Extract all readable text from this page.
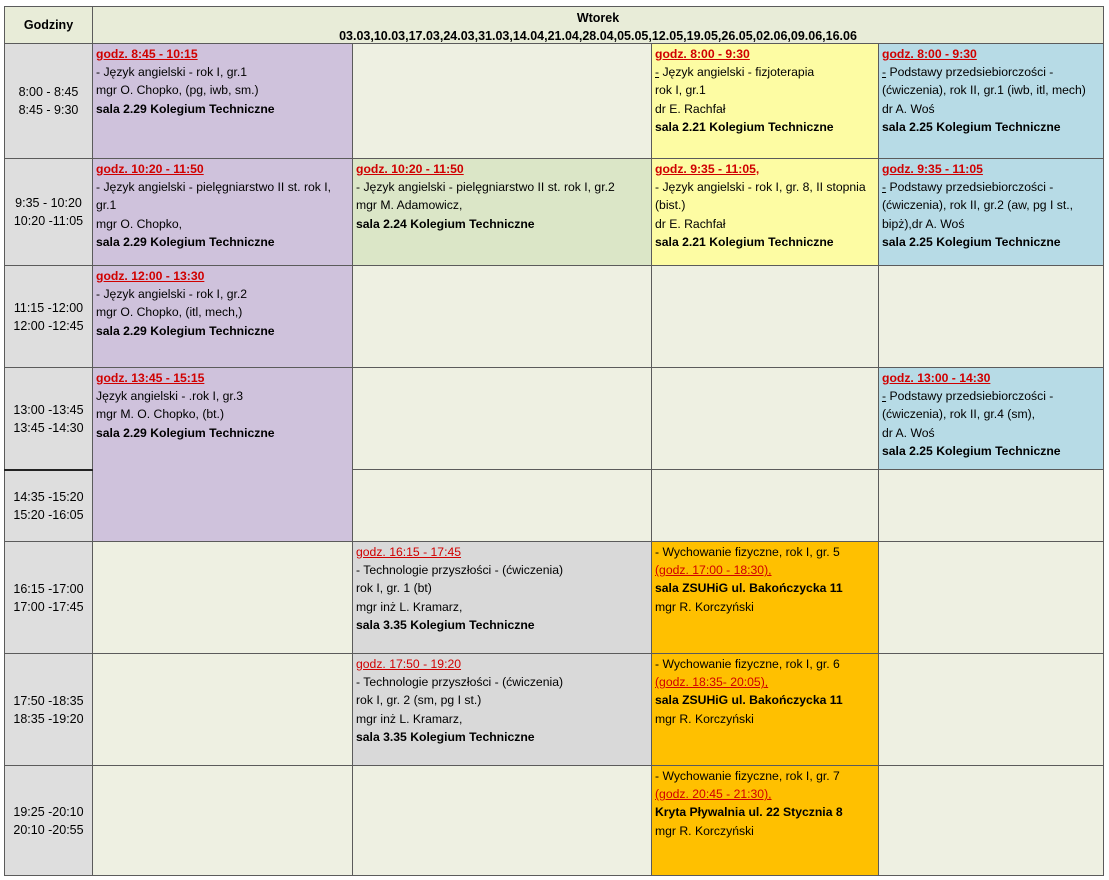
Godziny	Wtorek
03.03,10.03,17.03,24.03,31.03,14.04,21.04,28.04,05.05,12.05,19.05,26.05,02.06,09.06,16.06
8:00 - 8:45
8:45 - 9:30
9:35 - 10:20
10:20 -11:05
11:15 -12:00
12:00 -12:45
13:00 -13:45
13:45 -14:30
14:35 -15:20
15:20 -16:05
16:15 -17:00
17:00 -17:45
17:50 -18:35
18:35 -19:20
19:25 -20:10
20:10 -20:55
godz. 8:45 - 10:15
- Język angielski - rok I, gr.1
mgr O. Chopko, (pg, iwb, sm.)
sala 2.29 Kolegium Techniczne
godz. 10:20 - 11:50
- Język angielski - pielęgniarstwo II st. rok I, gr.1
mgr O. Chopko,
sala 2.29 Kolegium Techniczne
godz. 12:00 - 13:30
- Język angielski - rok I, gr.2
mgr O. Chopko, (itl, mech,)
sala 2.29 Kolegium Techniczne
godz. 13:45 - 15:15
Język angielski - .rok I, gr.3
mgr M. O. Chopko, (bt.)
sala 2.29 Kolegium Techniczne
godz. 10:20 - 11:50
- Język angielski - pielęgniarstwo II st. rok I, gr.2
mgr M. Adamowicz,
sala 2.24 Kolegium Techniczne
godz. 16:15 - 17:45
- Technologie przyszłości - (ćwiczenia)
rok I, gr. 1 (bt)
mgr inż L. Kramarz,
sala 3.35 Kolegium Techniczne
godz. 17:50 - 19:20
- Technologie przyszłości - (ćwiczenia)
rok I, gr. 2 (sm, pg I st.)
mgr inż L. Kramarz,
sala 3.35 Kolegium Techniczne
godz. 8:00 - 9:30
- Język angielski - fizjoterapia
rok I, gr.1
dr E. Rachfał
sala 2.21 Kolegium Techniczne
godz. 9:35 - 11:05,
- Język angielski - rok I, gr. 8, II stopnia (bist.)
dr E. Rachfał
sala 2.21 Kolegium Techniczne
- Wychowanie fizyczne, rok I, gr. 5
(godz. 17:00 - 18:30),
sala ZSUHiG ul. Bakończycka 11
mgr R. Korczyński
- Wychowanie fizyczne, rok I, gr. 6
(godz. 18:35- 20:05),
sala ZSUHiG ul. Bakończycka 11
mgr R. Korczyński
- Wychowanie fizyczne, rok I, gr. 7
(godz. 20:45 - 21:30),
Kryta Pływalnia ul. 22 Stycznia 8
mgr R. Korczyński
godz. 8:00 - 9:30
- Podstawy przedsiebiorczości - (ćwiczenia), rok II, gr.1 (iwb, itl, mech)
dr A. Woś
sala 2.25 Kolegium Techniczne
godz. 9:35 - 11:05
- Podstawy przedsiebiorczości - (ćwiczenia), rok II, gr.2 (aw, pg I st., bipż),dr A. Woś
sala 2.25 Kolegium Techniczne
godz. 13:00 - 14:30
- Podstawy przedsiebiorczości - (ćwiczenia), rok II, gr.4 (sm),
dr A. Woś
sala 2.25 Kolegium Techniczne
